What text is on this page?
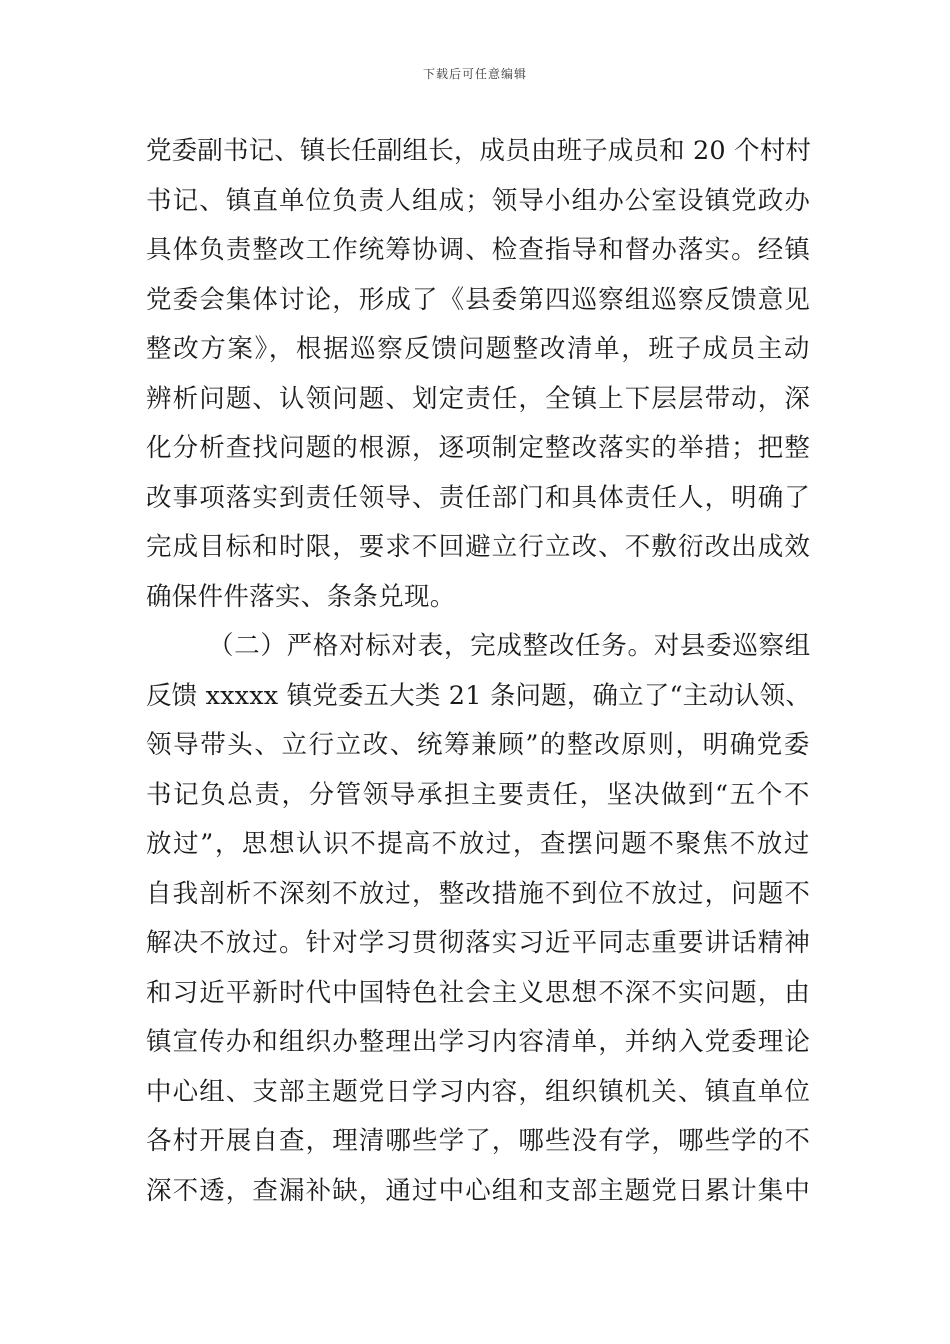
下载后可任意编辑
党委副书记、镇长任副组长，成员由班子成员和 20 个村村
书记、镇直单位负责人组成；领导小组办公室设镇党政办
具体负责整改工作统筹协调、检查指导和督办落实。经镇
党委会集体讨论，形成了《县委第四巡察组巡察反馈意见
整改方案》，根据巡察反馈问题整改清单，班子成员主动
辨析问题、认领问题、划定责任，全镇上下层层带动，深
化分析查找问题的根源，逐项制定整改落实的举措；把整
改事项落实到责任领导、责任部门和具体责任人，明确了
完成目标和时限，要求不回避立行立改、不敷衍改出成效
确保件件落实、条条兑现。
（二）严格对标对表，完成整改任务。对县委巡察组
反馈 xxxxx 镇党委五大类 21 条问题，确立了“主动认领、
领导带头、立行立改、统筹兼顾”的整改原则，明确党委
书记负总责，分管领导承担主要责任，坚决做到“五个不
放过”，思想认识不提高不放过，查摆问题不聚焦不放过
自我剖析不深刻不放过，整改措施不到位不放过，问题不
解决不放过。针对学习贯彻落实习近平同志重要讲话精神
和习近平新时代中国特色社会主义思想不深不实问题，由
镇宣传办和组织办整理出学习内容清单，并纳入党委理论
中心组、支部主题党日学习内容，组织镇机关、镇直单位
各村开展自查，理清哪些学了，哪些没有学，哪些学的不
深不透，查漏补缺，通过中心组和支部主题党日累计集中
